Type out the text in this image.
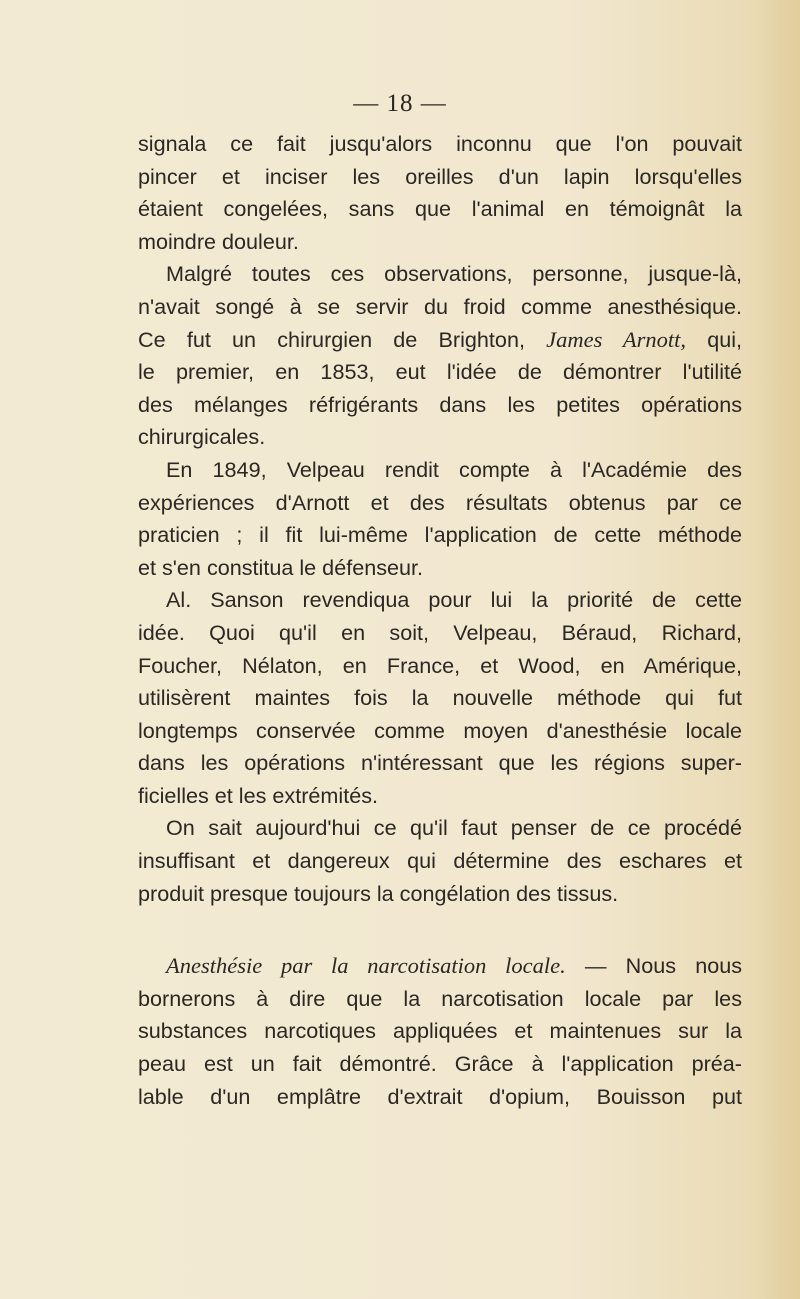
— 18 —
signala ce fait jusqu'alors inconnu que l'on pouvait
pincer et inciser les oreilles d'un lapin lorsqu'elles
étaient congelées, sans que l'animal en témoignât la
moindre douleur.
Malgré toutes ces observations, personne, jusque-là,
n'avait songé à se servir du froid comme anesthésique.
Ce fut un chirurgien de Brighton, James Arnott, qui,
le premier, en 1853, eut l'idée de démontrer l'utilité
des mélanges réfrigérants dans les petites opérations
chirurgicales.
En 1849, Velpeau rendit compte à l'Académie des
expériences d'Arnott et des résultats obtenus par ce
praticien ; il fit lui-même l'application de cette méthode
et s'en constitua le défenseur.
Al. Sanson revendiqua pour lui la priorité de cette
idée. Quoi qu'il en soit, Velpeau, Béraud, Richard,
Foucher, Nélaton, en France, et Wood, en Amérique,
utilisèrent maintes fois la nouvelle méthode qui fut
longtemps conservée comme moyen d'anesthésie locale
dans les opérations n'intéressant que les régions super-
ficielles et les extrémités.
On sait aujourd'hui ce qu'il faut penser de ce procédé
insuffisant et dangereux qui détermine des eschares et
produit presque toujours la congélation des tissus.
Anesthésie par la narcotisation locale. — Nous nous
bornerons à dire que la narcotisation locale par les
substances narcotiques appliquées et maintenues sur la
peau est un fait démontré. Grâce à l'application préa-
lable d'un emplâtre d'extrait d'opium, Bouisson put
